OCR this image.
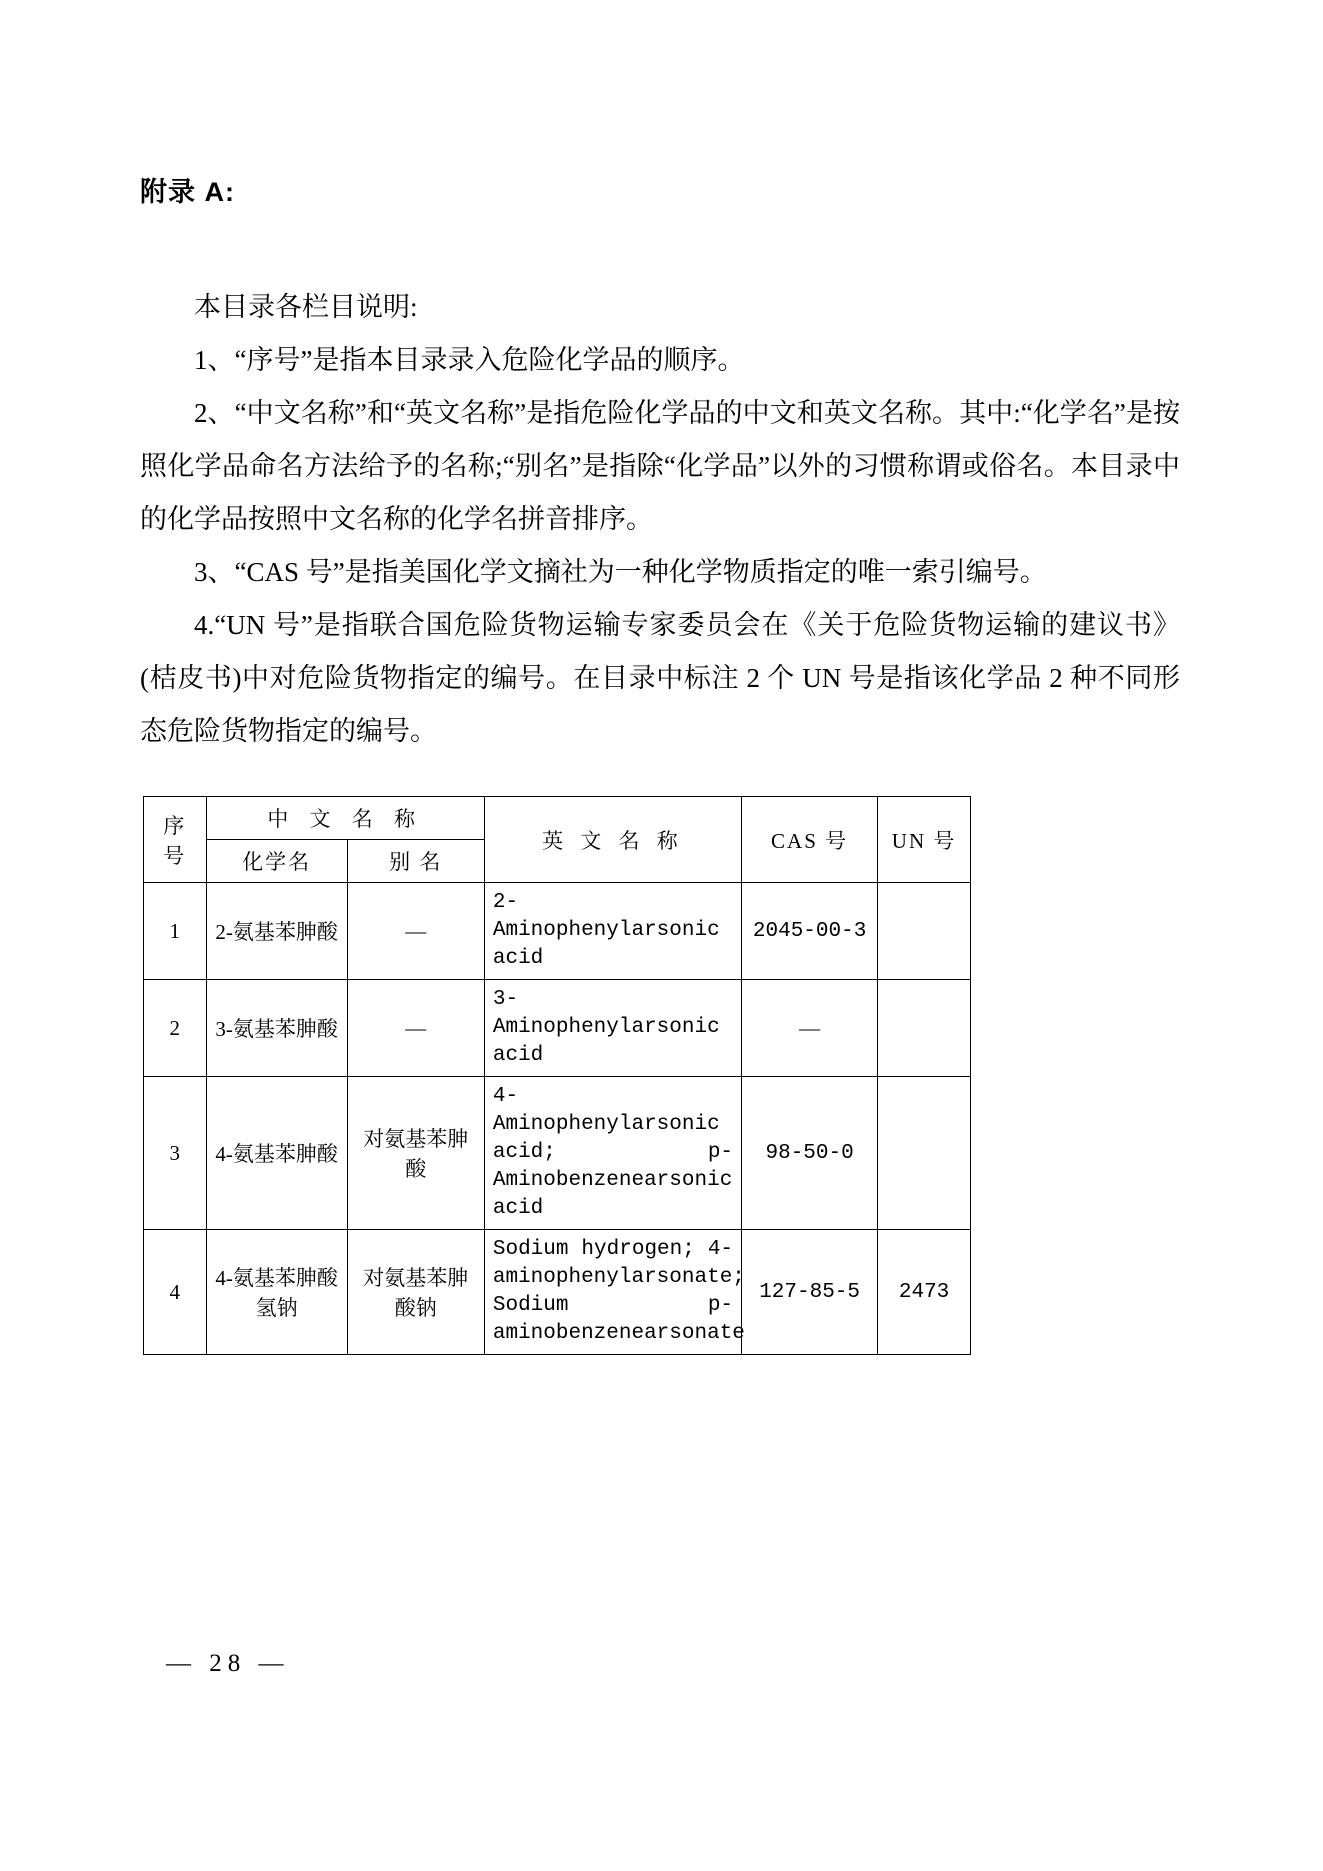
附录 A:

本目录各栏目说明:

1、“序号”是指本目录录入危险化学品的顺序。

2、“中文名称”和“英文名称”是指危险化学品的中文和英文名称。其中:“化学名”是按照化学品命名方法给予的名称;“别名”是指除“化学品”以外的习惯称谓或俗名。本目录中的化学品按照中文名称的化学名拼音排序。

3、“CAS 号”是指美国化学文摘社为一种化学物质指定的唯一索引编号。

4.“UN 号”是指联合国危险货物运输专家委员会在《关于危险货物运输的建议书》(桔皮书)中对危险货物指定的编号。在目录中标注 2 个 UN 号是指该化学品 2 种不同形态危险货物指定的编号。

序号	中 文 名 称		英 文 名 称	CAS 号	UN 号
	化学名	别 名			
1	2-氨基苯胂酸	—	2-Aminophenylarsonic acid	2045-00-3	
2	3-氨基苯胂酸	—	3-Aminophenylarsonic acid	—	
3	4-氨基苯胂酸	对氨基苯胂酸	4-Aminophenylarsonic acid; p-Aminobenzenearsonic acid	98-50-0	
4	4-氨基苯胂酸氢钠	对氨基苯胂酸钠	Sodium hydrogen; 4-aminophenylarsonate; Sodium p-aminobenzenearsonate	127-85-5	2473
— 28 —
